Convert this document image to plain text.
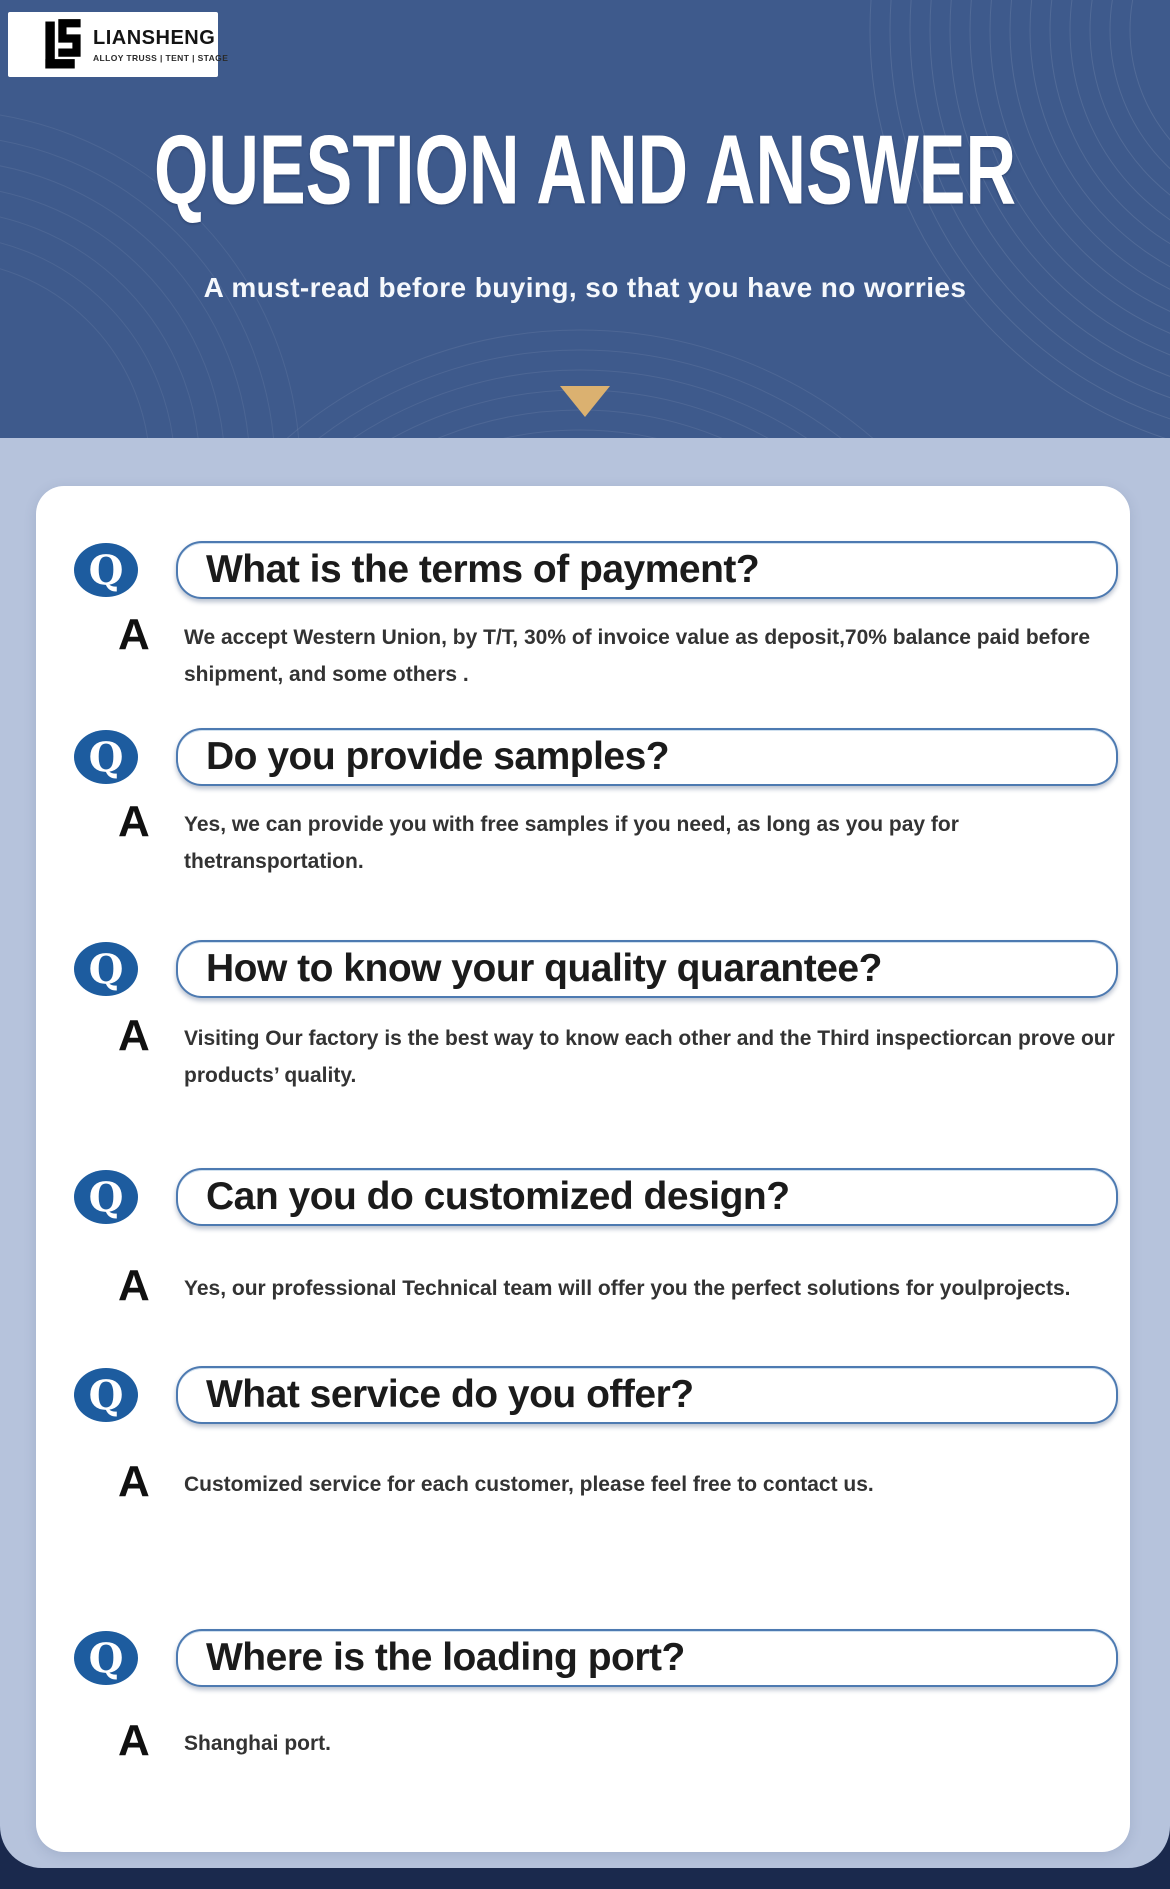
LIANSHENG
ALLOY TRUSS | TENT | STAGE
QUESTION AND ANSWER
A must-read before buying, so that you have no worries
Q What is the terms of payment?
A	We accept Western Union, by T/T, 30% of invoice value as deposit,70% balance paid before shipment, and some others .
Q Do you provide samples?
A	Yes, we can provide you with free samples if you need, as long as you pay for thetransportation.
Q How to know your quality quarantee?
A	Visiting Our factory is the best way to know each other and the Third inspectiorcan prove our products’ quality.
Q Can you do customized design?
A	Yes, our professional Technical team will offer you the perfect solutions for youlprojects.
Q What service do you offer?
A	Customized service for each customer, please feel free to contact us.
Q Where is the loading port?
A	Shanghai port.
